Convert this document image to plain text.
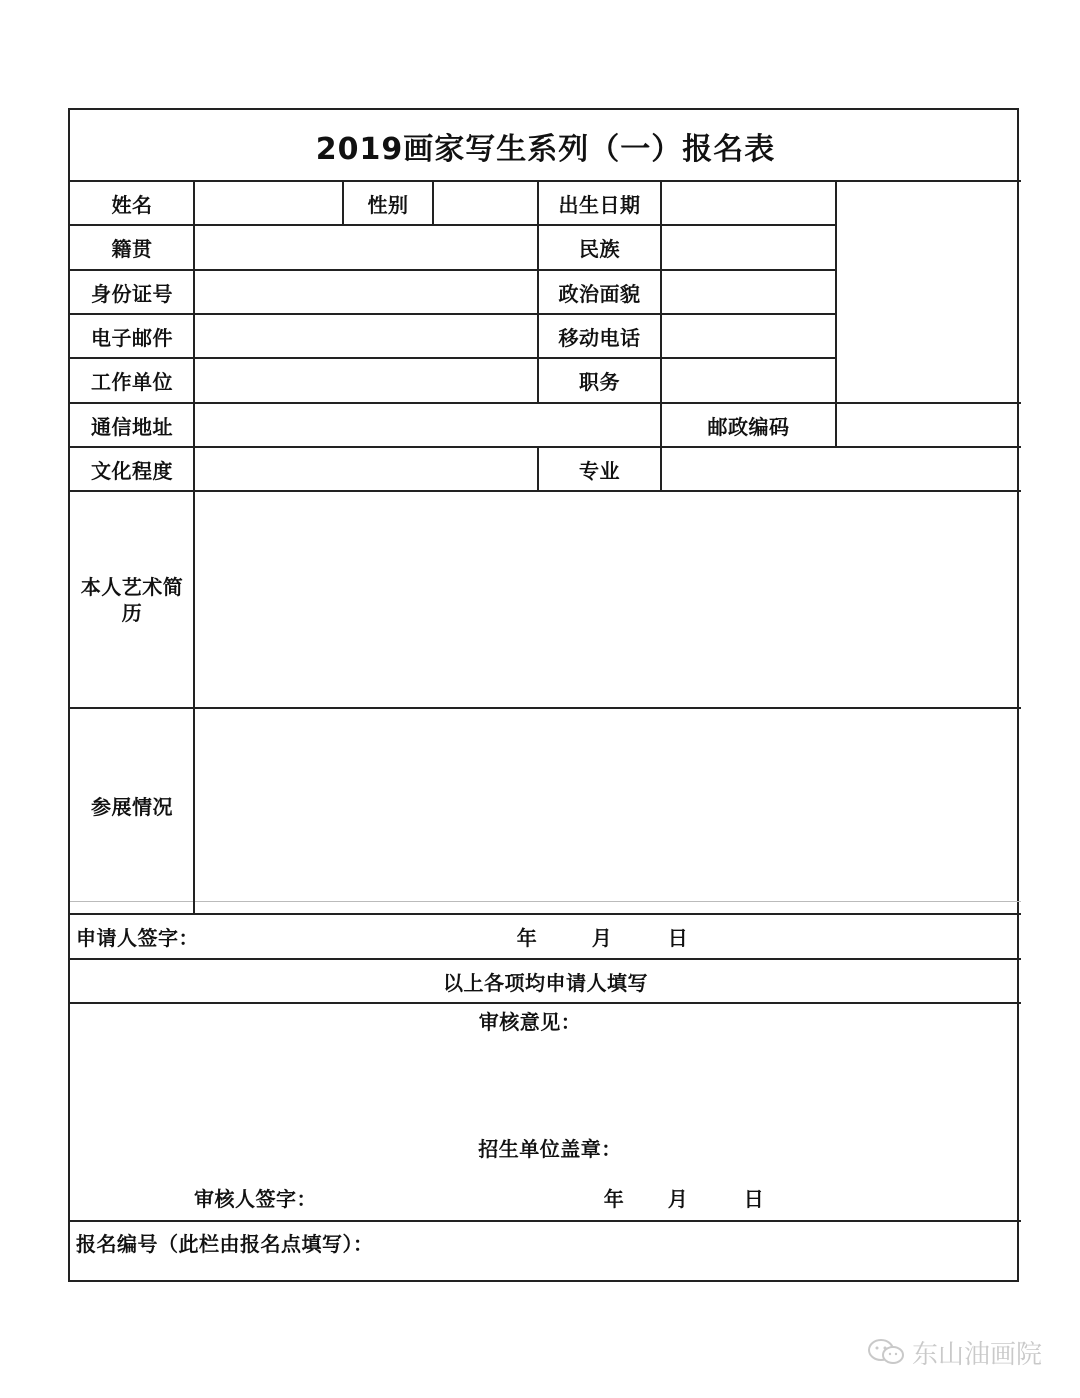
2019画家写生系列（一）报名表
姓名	性别	出生日期
籍贯	民族
身份证号	政治面貌
电子邮件	移动电话
工作单位	职务
通信地址	邮政编码
文化程度	专业
本人艺术简历
参展情况
申请人签字：	年	月	日
以上各项均申请人填写
审核意见：
招生单位盖章：
审核人签字：	年 月	日
报名编号（此栏由报名点填写）：
东山油画院
